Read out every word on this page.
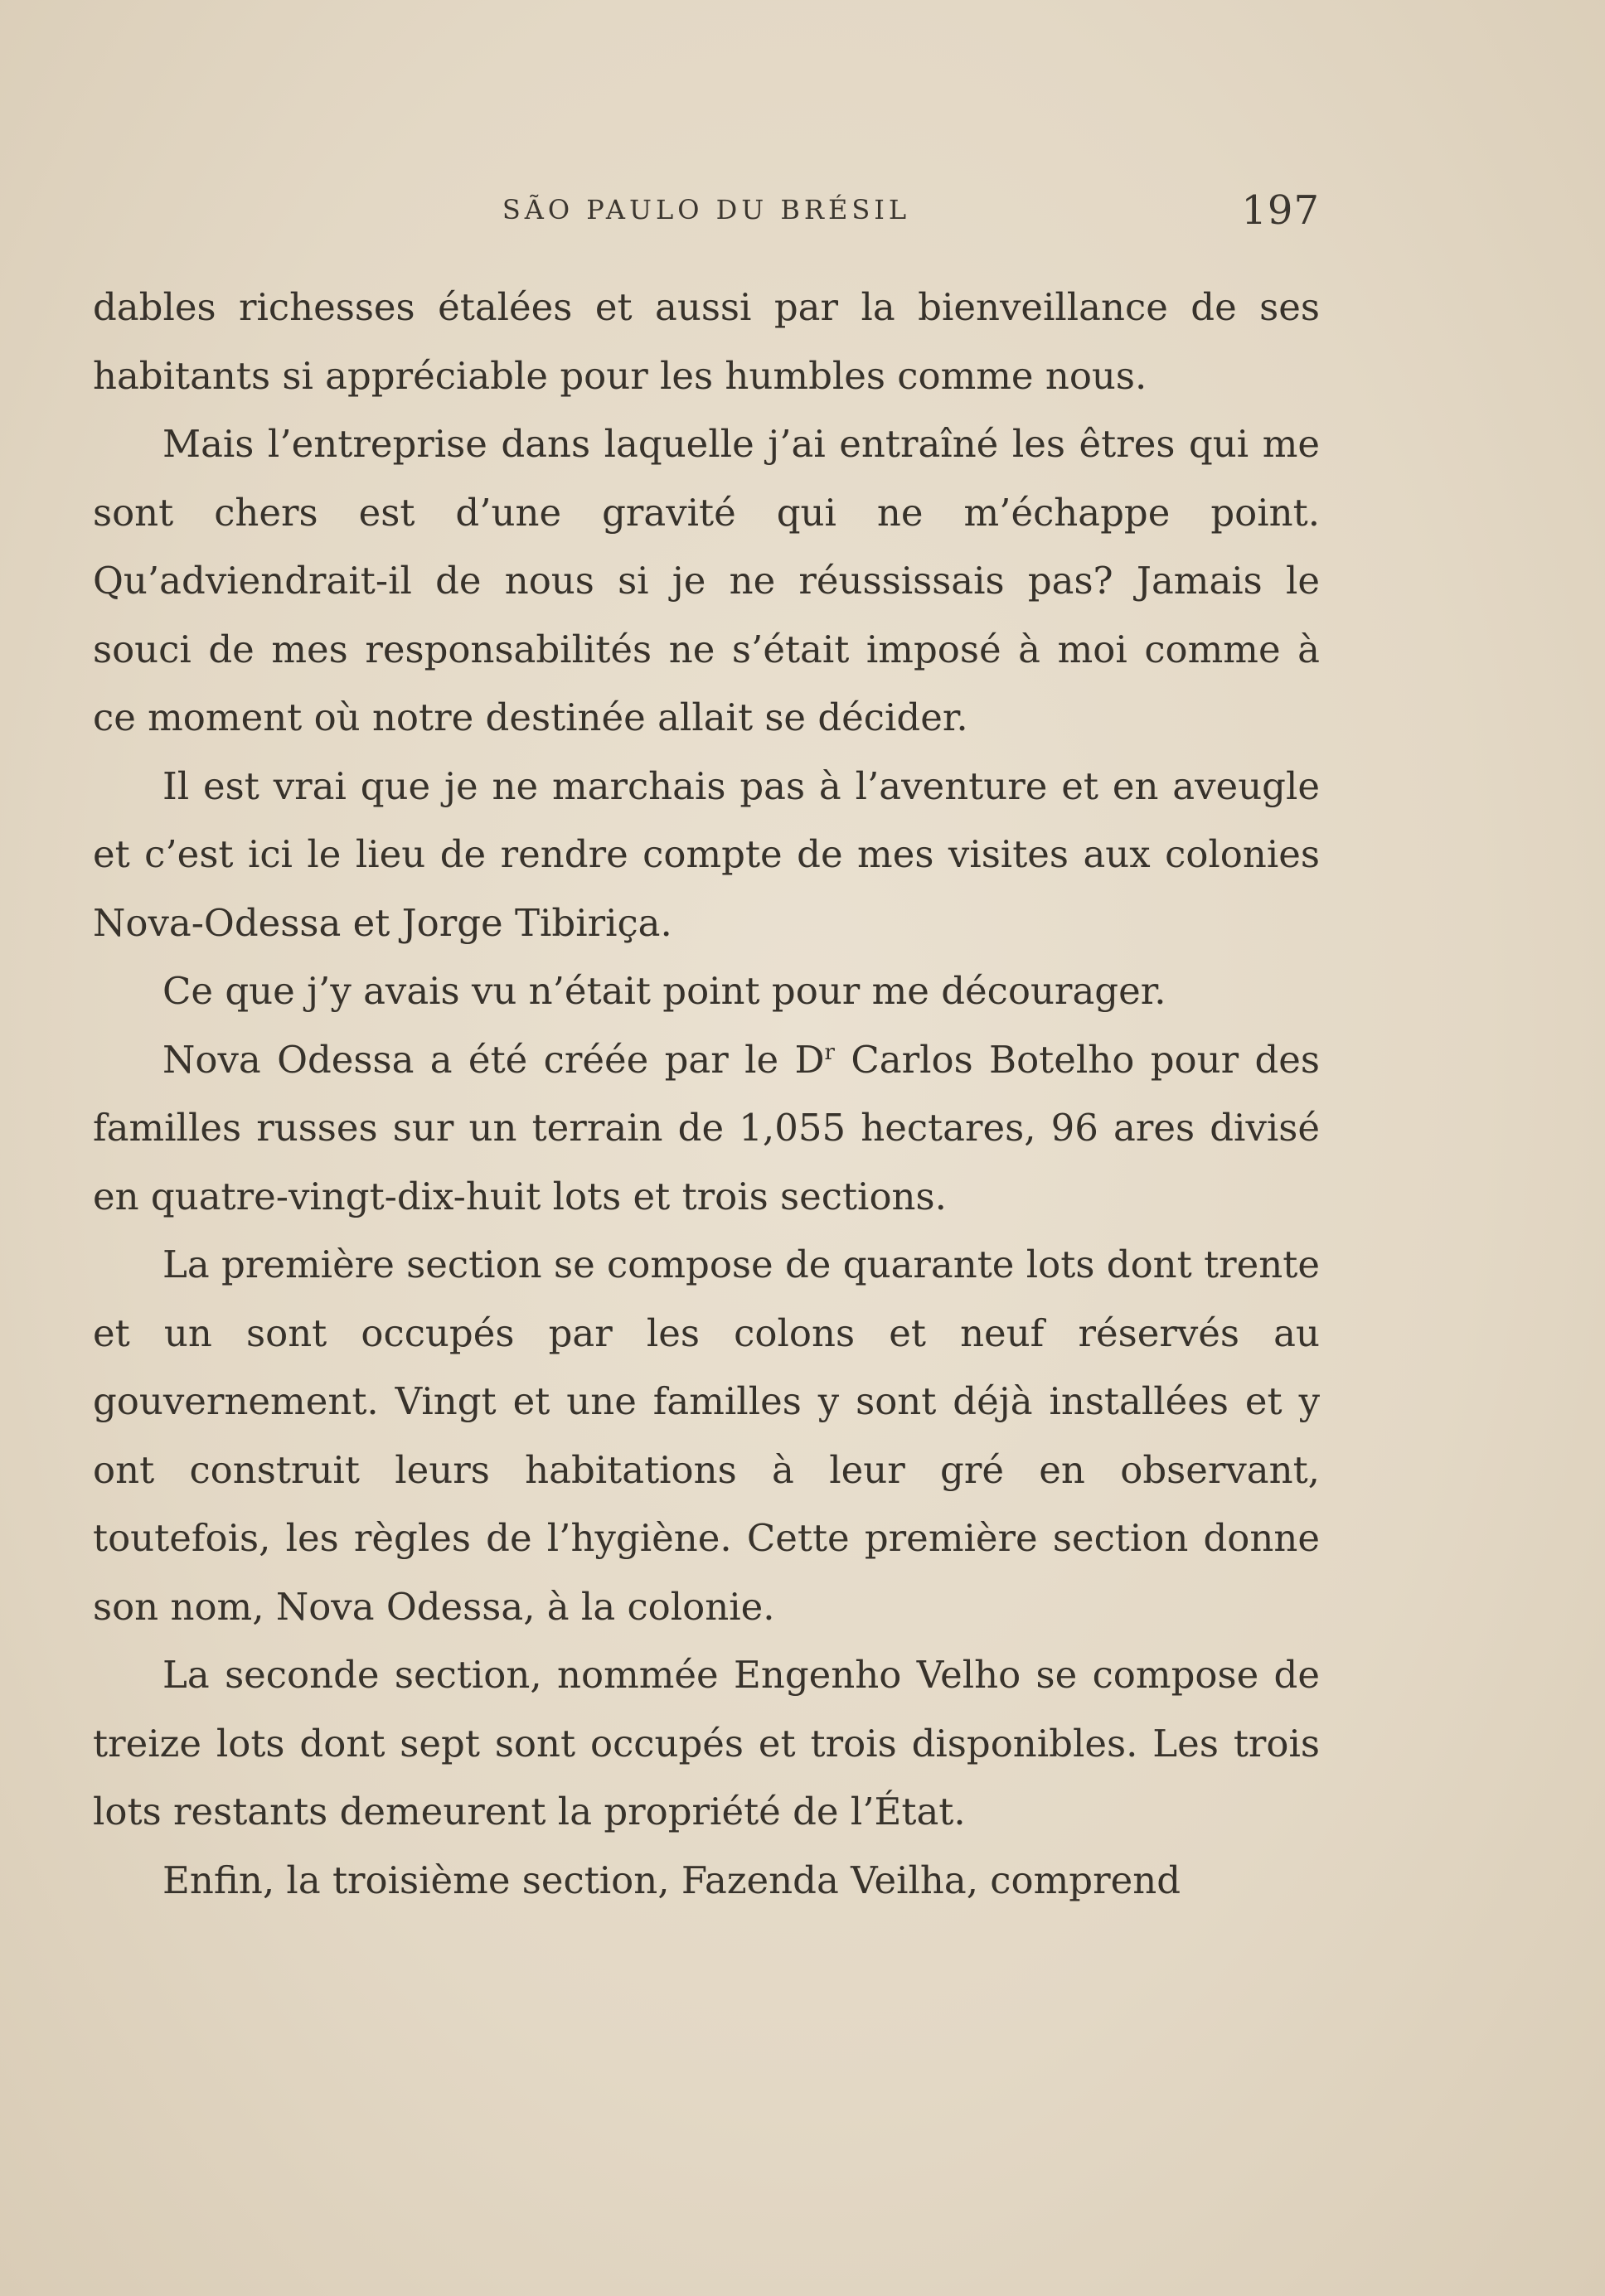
SÃO PAULO DU BRÉSIL	197

dables richesses étalées et aussi par la bienveillance de ses habitants si appréciable pour les humbles comme nous.

Mais l’entreprise dans laquelle j’ai entraîné les êtres qui me sont chers est d’une gravité qui ne m’échappe point. Qu’adviendrait-il de nous si je ne réussissais pas? Jamais le souci de mes responsabilités ne s’était imposé à moi comme à ce moment où notre destinée allait se décider.

Il est vrai que je ne marchais pas à l’aventure et en aveugle et c’est ici le lieu de rendre compte de mes visites aux colonies Nova-Odessa et Jorge Tibiriça.

Ce que j’y avais vu n’était point pour me décourager.

Nova Odessa a été créée par le $D^r$ Carlos Botelho pour des familles russes sur un terrain de 1,055 hectares, 96 ares divisé en quatre-vingt-dix-huit lots et trois sections.

La première section se compose de quarante lots dont trente et un sont occupés par les colons et neuf réservés au gouvernement. Vingt et une familles y sont déjà installées et y ont construit leurs habitations à leur gré en observant, toutefois, les règles de l’hygiène. Cette première section donne son nom, Nova Odessa, à la colonie.

La seconde section, nommée Engenho Velho se compose de treize lots dont sept sont occupés et trois disponibles. Les trois lots restants demeurent la propriété de l’État.

Enfin, la troisième section, Fazenda Veilha, comprend
